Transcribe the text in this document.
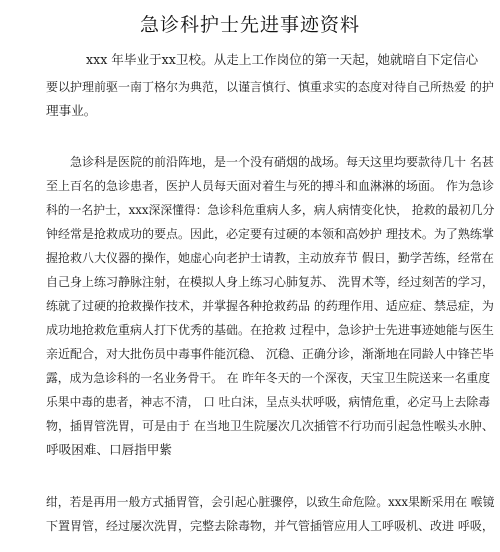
急诊科护士先进事迹资料
xxx 年毕业于xx卫校。从走上工作岗位的第一天起，她就暗自下定信心
要以护理前驱一南丁格尔为典范，以谨言慎行、慎重求实的态度对待自己所热爱 的护
理事业。
急诊科是医院的前沿阵地，是一个没有硝烟的战场。每天这里均要款待几十 名甚
至上百名的急诊患者，医护人员每天面对着生与死的搏斗和血淋淋的场面。 作为急诊
科的一名护士，xxx深深懂得：急诊科危重病人多，病人病情变化快， 抢救的最初几分
钟经常是抢救成功的要点。因此，必定要有过硬的本领和高妙护 理技术。为了熟练掌
握抢救八大仪器的操作，她虚心向老护士请教，主动放弃节 假日，勤学苦练，经常在
自己身上练习静脉注射，在模拟人身上练习心肺复苏、 洗胃术等，经过刻苦的学习，
练就了过硬的抢救操作技术，并掌握各种抢救药品 的药理作用、适应症、禁忌症，为
成功地抢救危重病人打下优秀的基础。在抢救 过程中，急诊护士先进事迹她能与医生
亲近配合，对大批伤员中毒事件能沉稳、 沉稳、正确分诊，渐渐地在同龄人中锋芒毕
露，成为急诊科的一名业务骨干。 在 昨年冬天的一个深夜，天宝卫生院送来一名重度
乐果中毒的患者，神志不清， 口 吐白沫，呈点头状呼吸，病情危重，必定马上去除毒
物，插胃管洗胃，可是由于 在当地卫生院屡次几次插管不行功而引起急性喉头水肿、
呼吸困难、口唇指甲紫
绀，若是再用一般方式插胃管，会引起心脏骤停，以致生命危险。xxx果断采用在 喉镜
下置胃管，经过屡次洗胃，完整去除毒物，并气管插管应用人工呼吸机、改进 呼吸，
